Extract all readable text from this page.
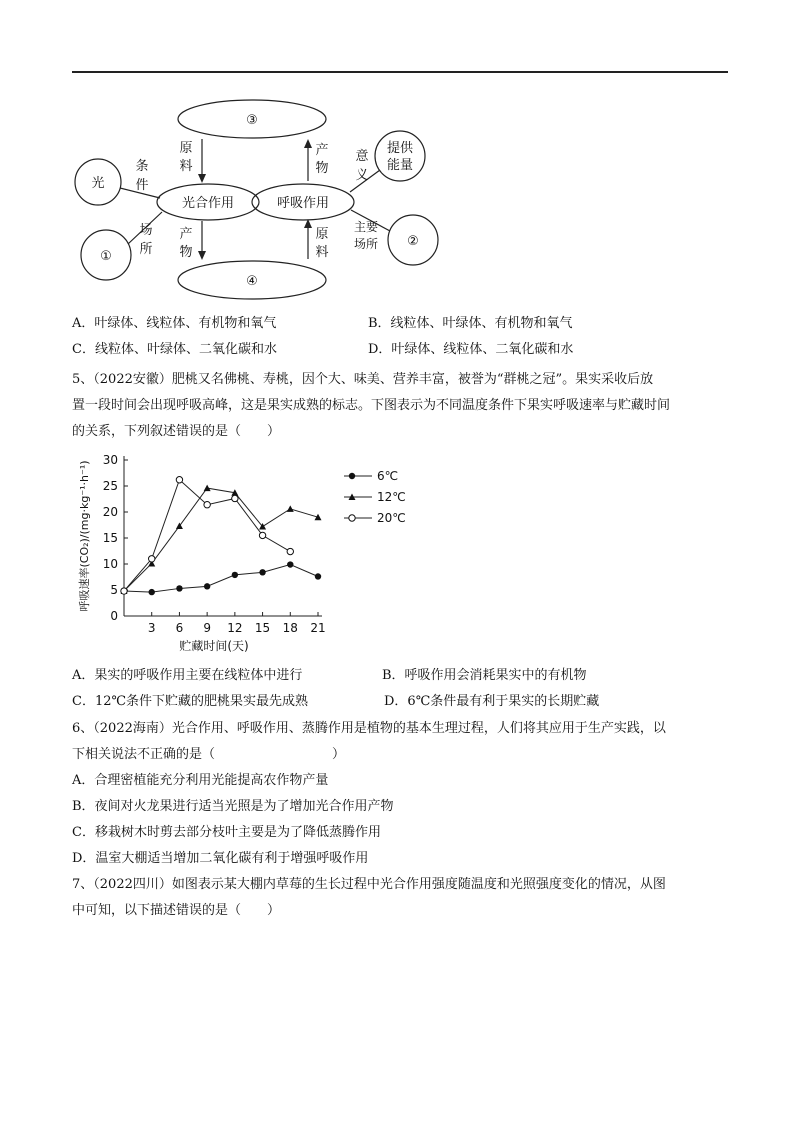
③
④
①
②
光
提供
能量
光合作用	呼吸作用
条
件
场
所
意
义
主要
场所
原
料
产
物
产
物
原
料
A．叶绿体、线粒体、有机物和氧气	B．线粒体、叶绿体、有机物和氧气
C．线粒体、叶绿体、二氧化碳和水	D．叶绿体、线粒体、二氧化碳和水

5、（2022安徽）肥桃又名佛桃、寿桃，因个大、味美、营养丰富，被誉为“群桃之冠”。果实采收后放

置一段时间会出现呼吸高峰，这是果实成熟的标志。下图表示为不同温度条件下果实呼吸速率与贮藏时间

的关系，下列叙述错误的是（　　）

呼吸速率(CO₂)/(mg·kg⁻¹·h⁻¹)
贮藏时间(天)
0
5
10
15
20
25
30
3 6 9 12 15 18 21
6℃
12℃
20℃
A．果实的呼吸作用主要在线粒体中进行	B．呼吸作用会消耗果实中的有机物
C．12℃条件下贮藏的肥桃果实最先成熟	D．6℃条件最有利于果实的长期贮藏

6、（2022海南）光合作用、呼吸作用、蒸腾作用是植物的基本生理过程，人们将其应用于生产实践，以

下相关说法不正确的是（　　　　　　　　　）

A．合理密植能充分利用光能提高农作物产量

B．夜间对火龙果进行适当光照是为了增加光合作用产物

C．移栽树木时剪去部分枝叶主要是为了降低蒸腾作用

D．温室大棚适当增加二氧化碳有利于增强呼吸作用

7、（2022四川）如图表示某大棚内草莓的生长过程中光合作用强度随温度和光照强度变化的情况，从图

中可知，以下描述错误的是（　　）
